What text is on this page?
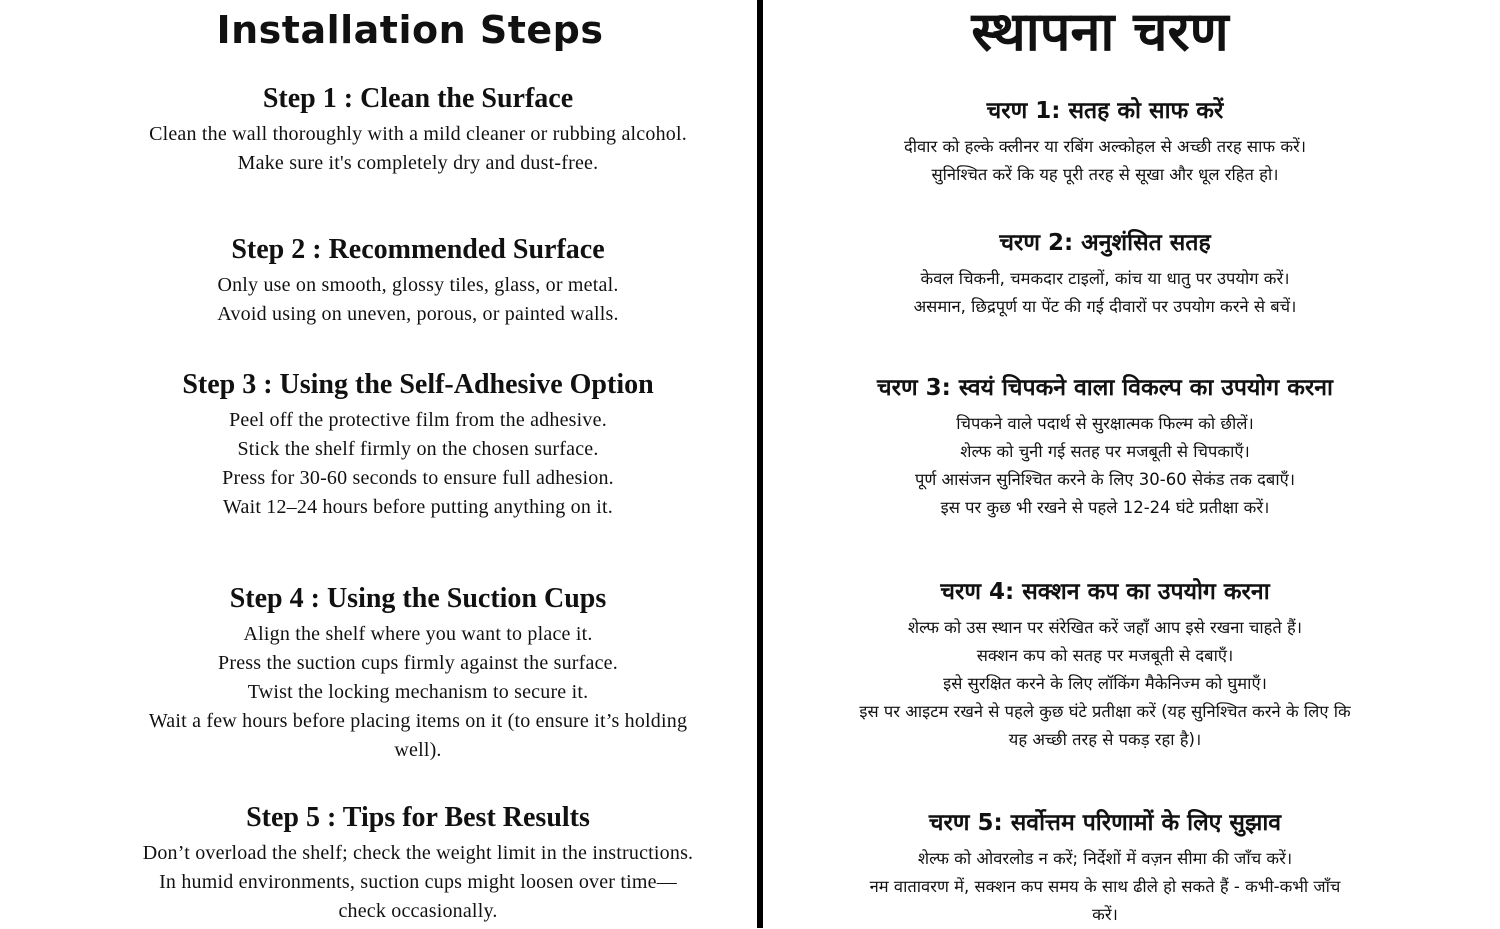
Installation Steps	स्थापना चरण
Step 1 : Clean the Surface
Clean the wall thoroughly with a mild cleaner or rubbing alcohol.
Make sure it's completely dry and dust-free.
Step 2 : Recommended Surface
Only use on smooth, glossy tiles, glass, or metal.
Avoid using on uneven, porous, or painted walls.
Step 3 : Using the Self-Adhesive Option
Peel off the protective film from the adhesive.
Stick the shelf firmly on the chosen surface.
Press for 30-60 seconds to ensure full adhesion.
Wait 12–24 hours before putting anything on it.
Step 4 : Using the Suction Cups
Align the shelf where you want to place it.
Press the suction cups firmly against the surface.
Twist the locking mechanism to secure it.
Wait a few hours before placing items on it (to ensure it’s holding
well).
Step 5 : Tips for Best Results
Don’t overload the shelf; check the weight limit in the instructions.
In humid environments, suction cups might loosen over time—
check occasionally.
चरण 1: सतह को साफ करें
दीवार को हल्के क्लीनर या रबिंग अल्कोहल से अच्छी तरह साफ करें।
सुनिश्चित करें कि यह पूरी तरह से सूखा और धूल रहित हो।
चरण 2: अनुशंसित सतह
केवल चिकनी, चमकदार टाइलों, कांच या धातु पर उपयोग करें।
असमान, छिद्रपूर्ण या पेंट की गई दीवारों पर उपयोग करने से बचें।
चरण 3: स्वयं चिपकने वाला विकल्प का उपयोग करना
चिपकने वाले पदार्थ से सुरक्षात्मक फिल्म को छीलें।
शेल्फ को चुनी गई सतह पर मजबूती से चिपकाएँ।
पूर्ण आसंजन सुनिश्चित करने के लिए 30-60 सेकंड तक दबाएँ।
इस पर कुछ भी रखने से पहले 12-24 घंटे प्रतीक्षा करें।
चरण 4: सक्शन कप का उपयोग करना
शेल्फ को उस स्थान पर संरेखित करें जहाँ आप इसे रखना चाहते हैं।
सक्शन कप को सतह पर मजबूती से दबाएँ।
इसे सुरक्षित करने के लिए लॉकिंग मैकेनिज्म को घुमाएँ।
इस पर आइटम रखने से पहले कुछ घंटे प्रतीक्षा करें (यह सुनिश्चित करने के लिए कि
यह अच्छी तरह से पकड़ रहा है)।
चरण 5: सर्वोत्तम परिणामों के लिए सुझाव
शेल्फ को ओवरलोड न करें; निर्देशों में वज़न सीमा की जाँच करें।
नम वातावरण में, सक्शन कप समय के साथ ढीले हो सकते हैं - कभी-कभी जाँच
करें।
